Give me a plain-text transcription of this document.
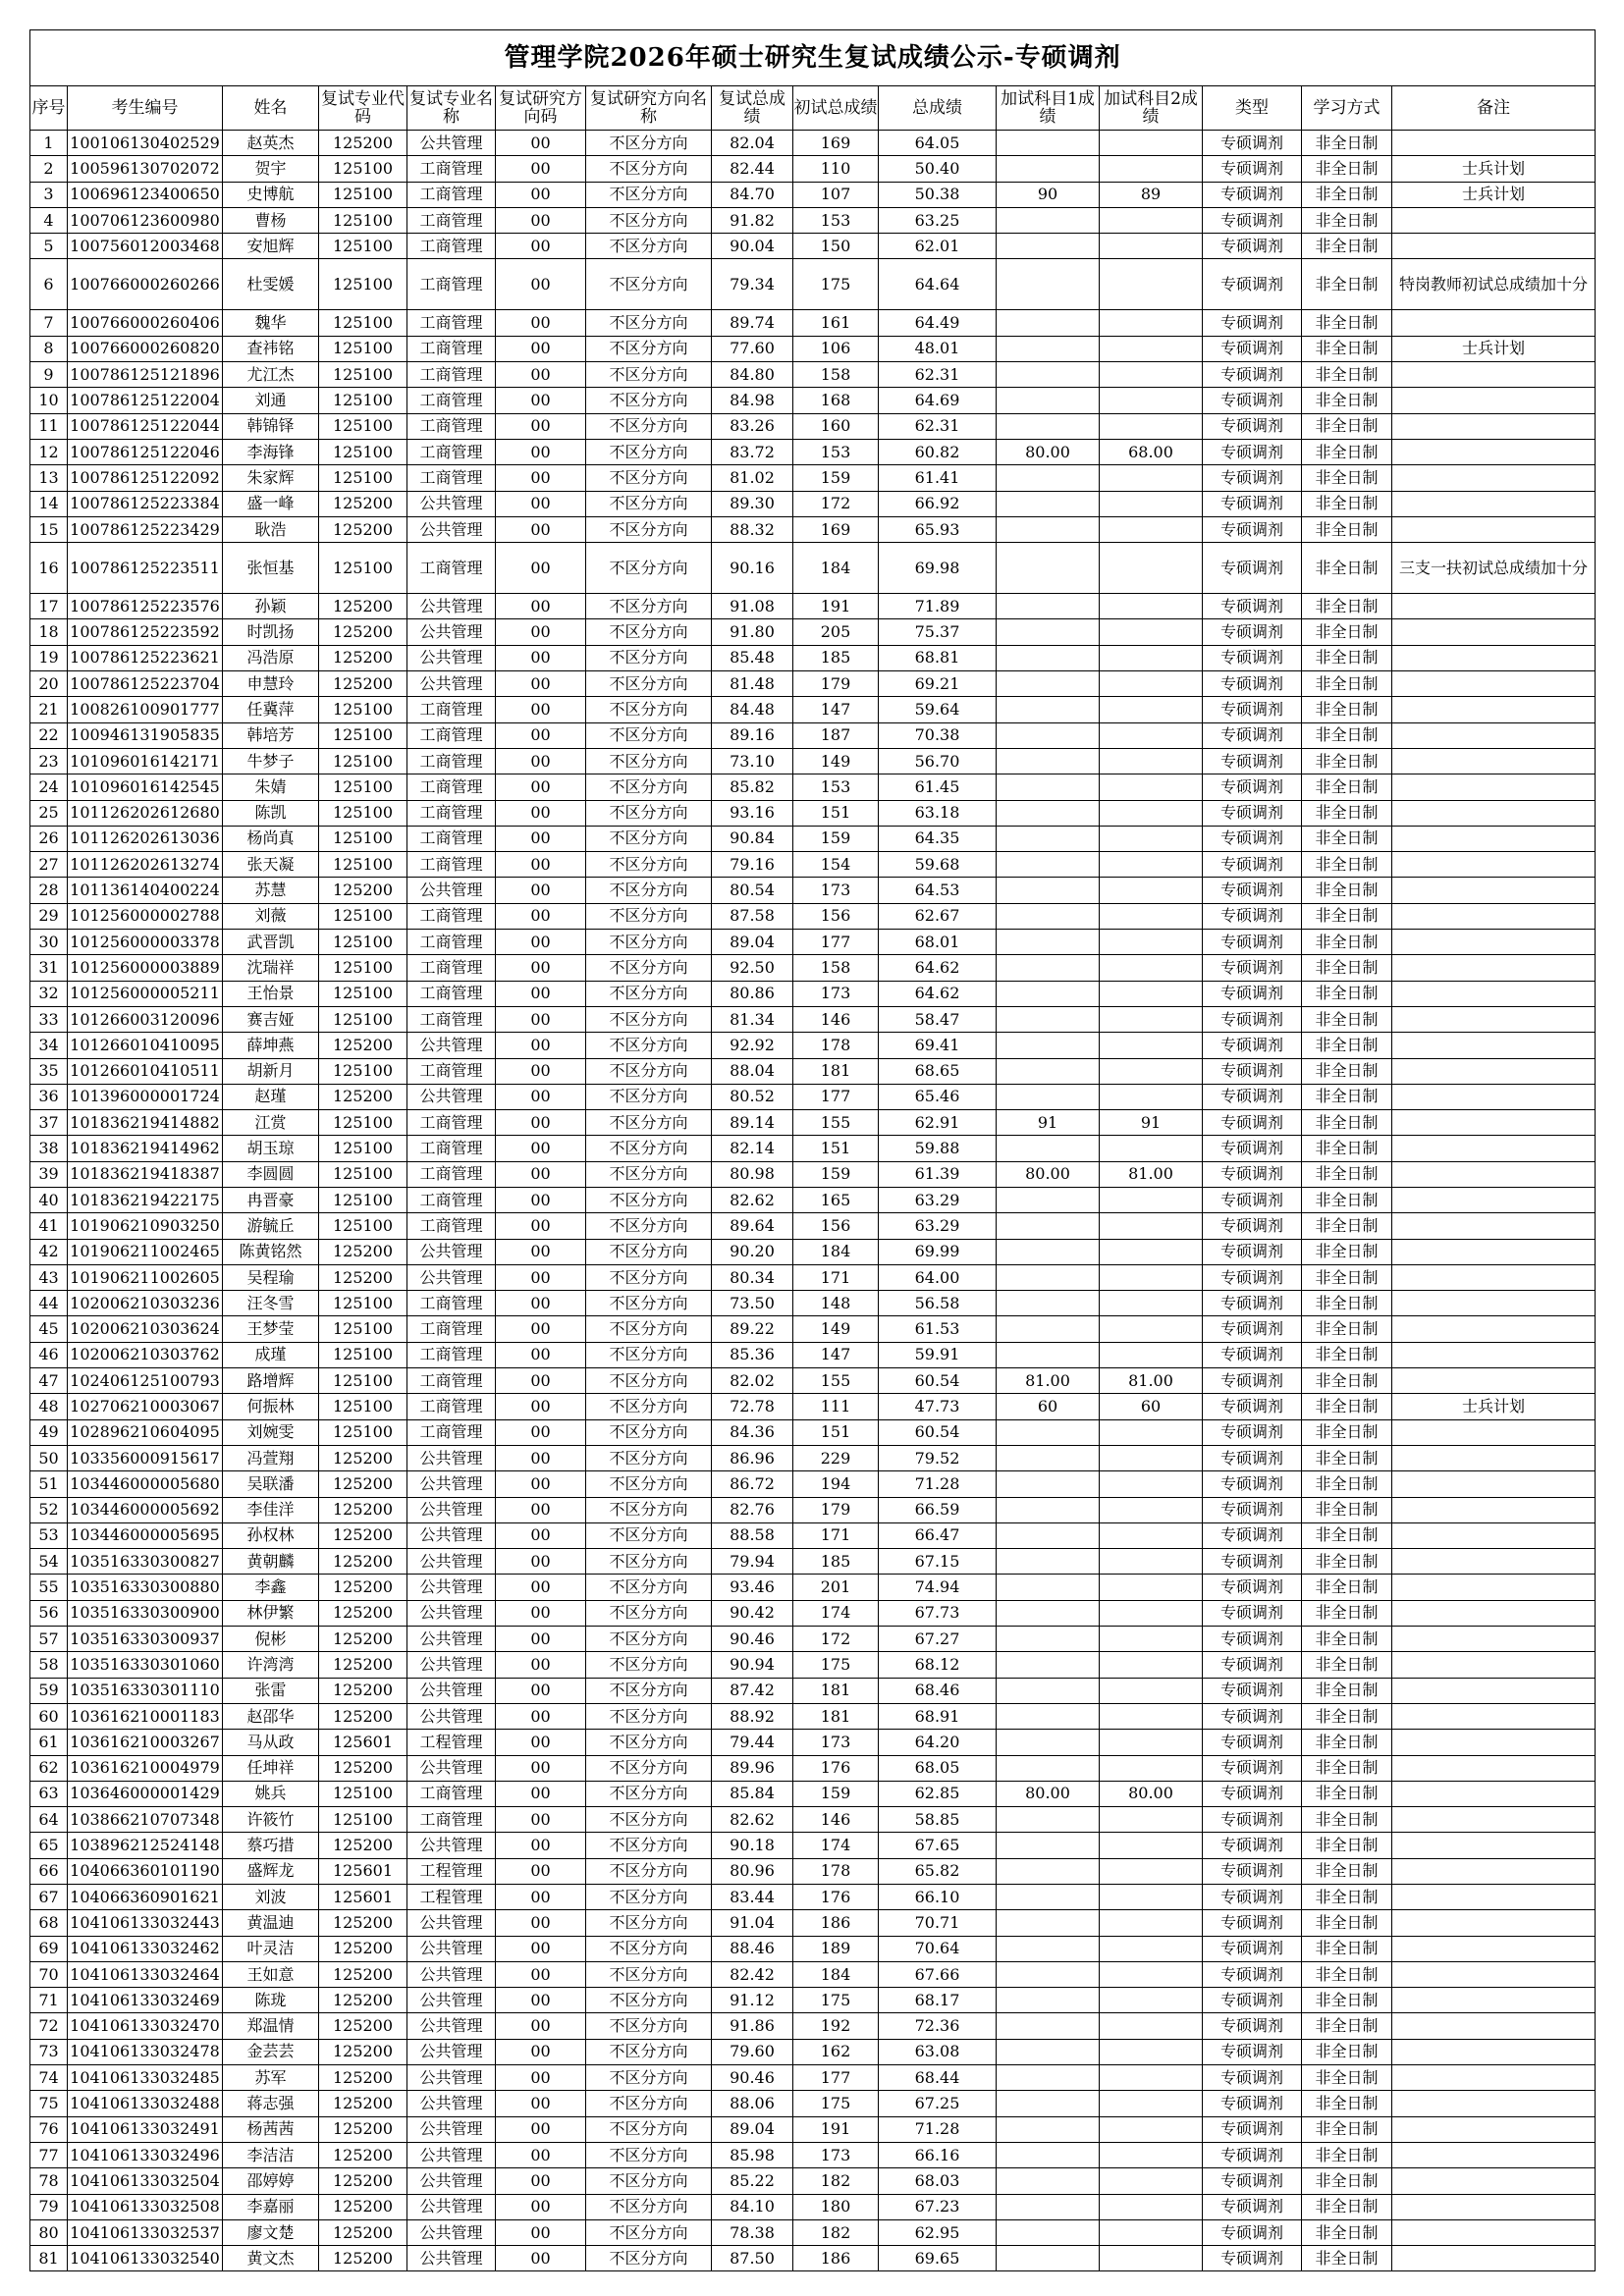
管理学院2026年硕士研究生复试成绩公示-专硕调剂														
序号	考生编号	姓名	复试专业代码	复试专业名称	复试研究方向码	复试研究方向名称	复试总成绩	初试总成绩	总成绩	加试科目1成绩	加试科目2成绩	类型	学习方式	备注
1	100106130402529	赵英杰	125200	公共管理	00	不区分方向	82.04	169	64.05			专硕调剂	非全日制	
2	100596130702072	贺宇	125100	工商管理	00	不区分方向	82.44	110	50.40			专硕调剂	非全日制	士兵计划
3	100696123400650	史博航	125100	工商管理	00	不区分方向	84.70	107	50.38	90	89	专硕调剂	非全日制	士兵计划
4	100706123600980	曹杨	125100	工商管理	00	不区分方向	91.82	153	63.25			专硕调剂	非全日制	
5	100756012003468	安旭辉	125100	工商管理	00	不区分方向	90.04	150	62.01			专硕调剂	非全日制	
6	100766000260266	杜雯媛	125100	工商管理	00	不区分方向	79.34	175	64.64			专硕调剂	非全日制	特岗教师初试总成绩加十分
7	100766000260406	魏华	125100	工商管理	00	不区分方向	89.74	161	64.49			专硕调剂	非全日制	
8	100766000260820	查祎铭	125100	工商管理	00	不区分方向	77.60	106	48.01			专硕调剂	非全日制	士兵计划
9	100786125121896	尤江杰	125100	工商管理	00	不区分方向	84.80	158	62.31			专硕调剂	非全日制	
10	100786125122004	刘通	125100	工商管理	00	不区分方向	84.98	168	64.69			专硕调剂	非全日制	
11	100786125122044	韩锦铎	125100	工商管理	00	不区分方向	83.26	160	62.31			专硕调剂	非全日制	
12	100786125122046	李海锋	125100	工商管理	00	不区分方向	83.72	153	60.82	80.00	68.00	专硕调剂	非全日制	
13	100786125122092	朱家辉	125100	工商管理	00	不区分方向	81.02	159	61.41			专硕调剂	非全日制	
14	100786125223384	盛一峰	125200	公共管理	00	不区分方向	89.30	172	66.92			专硕调剂	非全日制	
15	100786125223429	耿浩	125200	公共管理	00	不区分方向	88.32	169	65.93			专硕调剂	非全日制	
16	100786125223511	张恒基	125100	工商管理	00	不区分方向	90.16	184	69.98			专硕调剂	非全日制	三支一扶初试总成绩加十分
17	100786125223576	孙颖	125200	公共管理	00	不区分方向	91.08	191	71.89			专硕调剂	非全日制	
18	100786125223592	时凯扬	125200	公共管理	00	不区分方向	91.80	205	75.37			专硕调剂	非全日制	
19	100786125223621	冯浩原	125200	公共管理	00	不区分方向	85.48	185	68.81			专硕调剂	非全日制	
20	100786125223704	申慧玲	125200	公共管理	00	不区分方向	81.48	179	69.21			专硕调剂	非全日制	
21	100826100901777	任冀萍	125100	工商管理	00	不区分方向	84.48	147	59.64			专硕调剂	非全日制	
22	100946131905835	韩培芳	125100	工商管理	00	不区分方向	89.16	187	70.38			专硕调剂	非全日制	
23	101096016142171	牛梦子	125100	工商管理	00	不区分方向	73.10	149	56.70			专硕调剂	非全日制	
24	101096016142545	朱婧	125100	工商管理	00	不区分方向	85.82	153	61.45			专硕调剂	非全日制	
25	101126202612680	陈凯	125100	工商管理	00	不区分方向	93.16	151	63.18			专硕调剂	非全日制	
26	101126202613036	杨尚真	125100	工商管理	00	不区分方向	90.84	159	64.35			专硕调剂	非全日制	
27	101126202613274	张天凝	125100	工商管理	00	不区分方向	79.16	154	59.68			专硕调剂	非全日制	
28	101136140400224	苏慧	125200	公共管理	00	不区分方向	80.54	173	64.53			专硕调剂	非全日制	
29	101256000002788	刘薇	125100	工商管理	00	不区分方向	87.58	156	62.67			专硕调剂	非全日制	
30	101256000003378	武晋凯	125100	工商管理	00	不区分方向	89.04	177	68.01			专硕调剂	非全日制	
31	101256000003889	沈瑞祥	125100	工商管理	00	不区分方向	92.50	158	64.62			专硕调剂	非全日制	
32	101256000005211	王怡景	125100	工商管理	00	不区分方向	80.86	173	64.62			专硕调剂	非全日制	
33	101266003120096	赛吉娅	125100	工商管理	00	不区分方向	81.34	146	58.47			专硕调剂	非全日制	
34	101266010410095	薛坤燕	125200	公共管理	00	不区分方向	92.92	178	69.41			专硕调剂	非全日制	
35	101266010410511	胡新月	125100	工商管理	00	不区分方向	88.04	181	68.65			专硕调剂	非全日制	
36	101396000001724	赵瑾	125200	公共管理	00	不区分方向	80.52	177	65.46			专硕调剂	非全日制	
37	101836219414882	江赏	125100	工商管理	00	不区分方向	89.14	155	62.91	91	91	专硕调剂	非全日制	
38	101836219414962	胡玉琼	125100	工商管理	00	不区分方向	82.14	151	59.88			专硕调剂	非全日制	
39	101836219418387	李圆圆	125100	工商管理	00	不区分方向	80.98	159	61.39	80.00	81.00	专硕调剂	非全日制	
40	101836219422175	冉晋豪	125100	工商管理	00	不区分方向	82.62	165	63.29			专硕调剂	非全日制	
41	101906210903250	游毓丘	125100	工商管理	00	不区分方向	89.64	156	63.29			专硕调剂	非全日制	
42	101906211002465	陈黄铭然	125200	公共管理	00	不区分方向	90.20	184	69.99			专硕调剂	非全日制	
43	101906211002605	吴程瑜	125200	公共管理	00	不区分方向	80.34	171	64.00			专硕调剂	非全日制	
44	102006210303236	汪冬雪	125100	工商管理	00	不区分方向	73.50	148	56.58			专硕调剂	非全日制	
45	102006210303624	王梦莹	125100	工商管理	00	不区分方向	89.22	149	61.53			专硕调剂	非全日制	
46	102006210303762	成瑾	125100	工商管理	00	不区分方向	85.36	147	59.91			专硕调剂	非全日制	
47	102406125100793	路增辉	125100	工商管理	00	不区分方向	82.02	155	60.54	81.00	81.00	专硕调剂	非全日制	
48	102706210003067	何振林	125100	工商管理	00	不区分方向	72.78	111	47.73	60	60	专硕调剂	非全日制	士兵计划
49	102896210604095	刘婉雯	125100	工商管理	00	不区分方向	84.36	151	60.54			专硕调剂	非全日制	
50	103356000915617	冯萱翔	125200	公共管理	00	不区分方向	86.96	229	79.52			专硕调剂	非全日制	
51	103446000005680	吴联潘	125200	公共管理	00	不区分方向	86.72	194	71.28			专硕调剂	非全日制	
52	103446000005692	李佳洋	125200	公共管理	00	不区分方向	82.76	179	66.59			专硕调剂	非全日制	
53	103446000005695	孙权林	125200	公共管理	00	不区分方向	88.58	171	66.47			专硕调剂	非全日制	
54	103516330300827	黄朝麟	125200	公共管理	00	不区分方向	79.94	185	67.15			专硕调剂	非全日制	
55	103516330300880	李鑫	125200	公共管理	00	不区分方向	93.46	201	74.94			专硕调剂	非全日制	
56	103516330300900	林伊繁	125200	公共管理	00	不区分方向	90.42	174	67.73			专硕调剂	非全日制	
57	103516330300937	倪彬	125200	公共管理	00	不区分方向	90.46	172	67.27			专硕调剂	非全日制	
58	103516330301060	许湾湾	125200	公共管理	00	不区分方向	90.94	175	68.12			专硕调剂	非全日制	
59	103516330301110	张雷	125200	公共管理	00	不区分方向	87.42	181	68.46			专硕调剂	非全日制	
60	103616210001183	赵邵华	125200	公共管理	00	不区分方向	88.92	181	68.91			专硕调剂	非全日制	
61	103616210003267	马从政	125601	工程管理	00	不区分方向	79.44	173	64.20			专硕调剂	非全日制	
62	103616210004979	任坤祥	125200	公共管理	00	不区分方向	89.96	176	68.05			专硕调剂	非全日制	
63	103646000001429	姚兵	125100	工商管理	00	不区分方向	85.84	159	62.85	80.00	80.00	专硕调剂	非全日制	
64	103866210707348	许筱竹	125100	工商管理	00	不区分方向	82.62	146	58.85			专硕调剂	非全日制	
65	103896212524148	蔡巧措	125200	公共管理	00	不区分方向	90.18	174	67.65			专硕调剂	非全日制	
66	104066360101190	盛辉龙	125601	工程管理	00	不区分方向	80.96	178	65.82			专硕调剂	非全日制	
67	104066360901621	刘波	125601	工程管理	00	不区分方向	83.44	176	66.10			专硕调剂	非全日制	
68	104106133032443	黄温迪	125200	公共管理	00	不区分方向	91.04	186	70.71			专硕调剂	非全日制	
69	104106133032462	叶灵洁	125200	公共管理	00	不区分方向	88.46	189	70.64			专硕调剂	非全日制	
70	104106133032464	王如意	125200	公共管理	00	不区分方向	82.42	184	67.66			专硕调剂	非全日制	
71	104106133032469	陈珑	125200	公共管理	00	不区分方向	91.12	175	68.17			专硕调剂	非全日制	
72	104106133032470	郑温情	125200	公共管理	00	不区分方向	91.86	192	72.36			专硕调剂	非全日制	
73	104106133032478	金芸芸	125200	公共管理	00	不区分方向	79.60	162	63.08			专硕调剂	非全日制	
74	104106133032485	苏军	125200	公共管理	00	不区分方向	90.46	177	68.44			专硕调剂	非全日制	
75	104106133032488	蒋志强	125200	公共管理	00	不区分方向	88.06	175	67.25			专硕调剂	非全日制	
76	104106133032491	杨茜茜	125200	公共管理	00	不区分方向	89.04	191	71.28			专硕调剂	非全日制	
77	104106133032496	李洁洁	125200	公共管理	00	不区分方向	85.98	173	66.16			专硕调剂	非全日制	
78	104106133032504	邵婷婷	125200	公共管理	00	不区分方向	85.22	182	68.03			专硕调剂	非全日制	
79	104106133032508	李嘉丽	125200	公共管理	00	不区分方向	84.10	180	67.23			专硕调剂	非全日制	
80	104106133032537	廖文楚	125200	公共管理	00	不区分方向	78.38	182	62.95			专硕调剂	非全日制	
81	104106133032540	黄文杰	125200	公共管理	00	不区分方向	87.50	186	69.65			专硕调剂	非全日制	
